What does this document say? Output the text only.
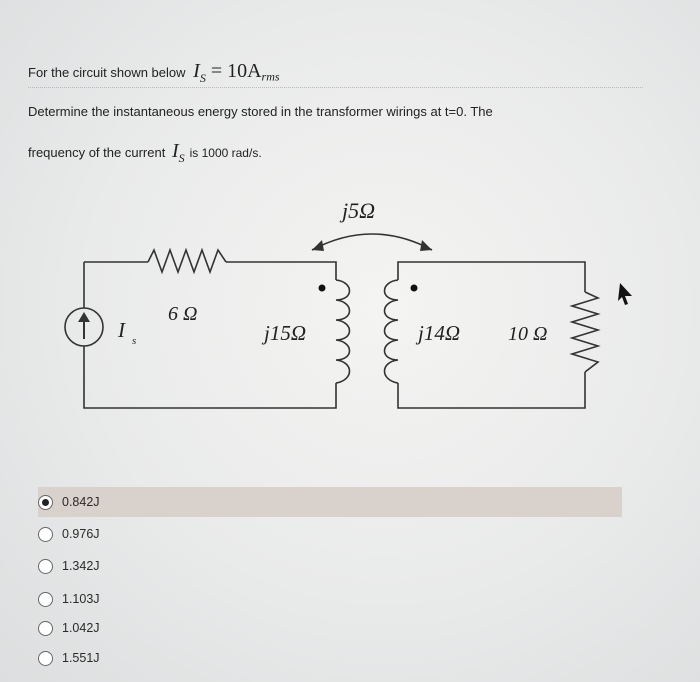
For the circuit shown below $I_S = 10A_{rms}$
Determine the instantaneous energy stored in the transformer wirings at t=0. The
frequency of the current $I_S$ is 1000 rad/s.
j5Ω
6 Ω
I s	j15Ω	j14Ω 10 Ω
0.842J
0.976J
1.342J
1.103J
1.042J
1.551J
